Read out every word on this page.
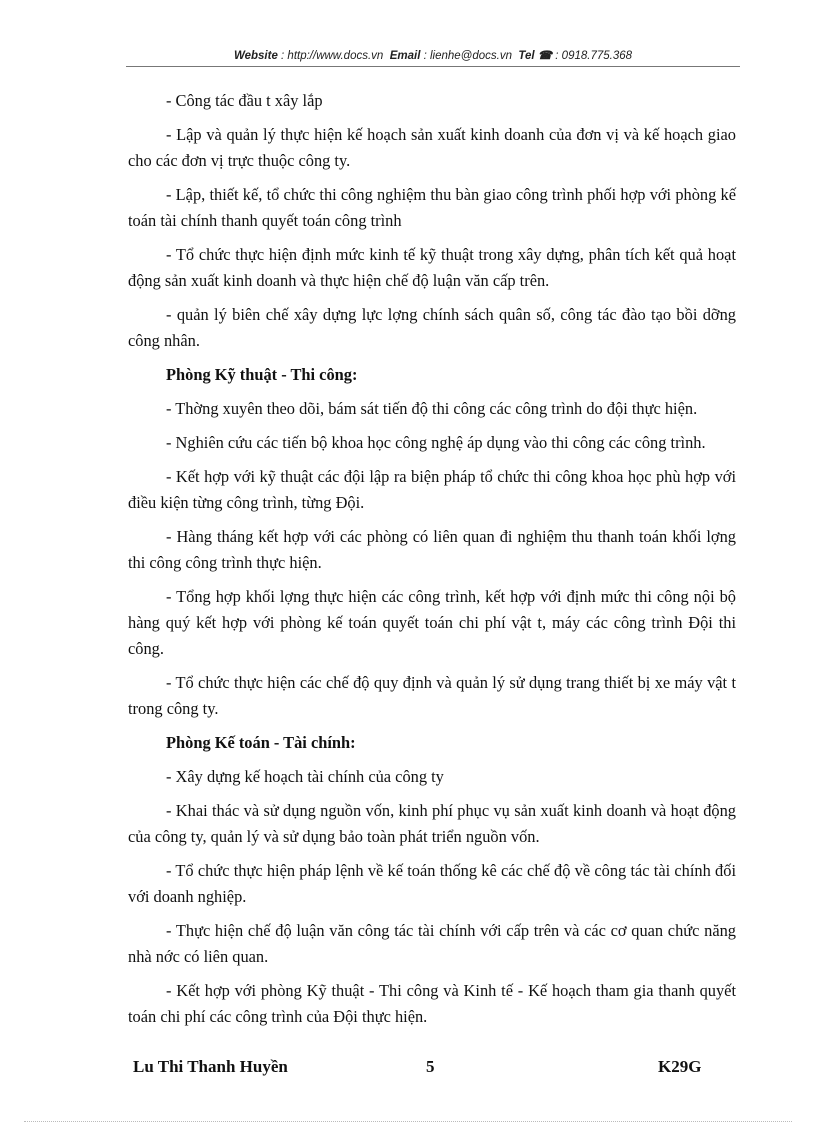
Website : http://www.docs.vn Email : lienhe@docs.vn Tel ☎ : 0918.775.368

- Công tác đầu t xây lắp

- Lập và quản lý thực hiện kế hoạch sản xuất kinh doanh của đơn vị và kế hoạch giao cho các đơn vị trực thuộc công ty.

- Lập, thiết kế, tổ chức thi công nghiệm thu bàn giao công trình phối hợp với phòng kế toán tài chính thanh quyết toán công trình

- Tổ chức thực hiện định mức kinh tế kỹ thuật trong xây dựng, phân tích kết quả hoạt động sản xuất kinh doanh và thực hiện chế độ luận văn cấp trên.

- quản lý biên chế xây dựng lực lợng chính sách quân số, công tác đào tạo bồi dỡng công nhân.

Phòng Kỹ thuật - Thi công:

- Thờng xuyên theo dõi, bám sát tiến độ thi công các công trình do đội thực hiện.

- Nghiên cứu các tiến bộ khoa học công nghệ áp dụng vào thi công các công trình.

- Kết hợp với kỹ thuật các đội lập ra biện pháp tổ chức thi công khoa học phù hợp với điều kiện từng công trình, từng Đội.

- Hàng tháng kết hợp với các phòng có liên quan đi nghiệm thu thanh toán khối lợng thi công công trình thực hiện.

- Tổng hợp khối lợng thực hiện các công trình, kết hợp với định mức thi công nội bộ hàng quý kết hợp với phòng kế toán quyết toán chi phí vật t, máy các công trình Đội thi công.

- Tổ chức thực hiện các chế độ quy định và quản lý sử dụng trang thiết bị xe máy vật t trong công ty.

Phòng Kế toán - Tài chính:

- Xây dựng kế hoạch tài chính của công ty

- Khai thác và sử dụng nguồn vốn, kinh phí phục vụ sản xuất kinh doanh và hoạt động của công ty, quản lý và sử dụng bảo toàn phát triển nguồn vốn.

- Tổ chức thực hiện pháp lệnh về kế toán thống kê các chế độ về công tác tài chính đối với doanh nghiệp.

- Thực hiện chế độ luận văn công tác tài chính với cấp trên và các cơ quan chức năng nhà nớc có liên quan.

- Kết hợp với phòng Kỹ thuật - Thi công và Kinh tế - Kế hoạch tham gia thanh quyết toán chi phí các công trình của Đội thực hiện.

Lu Thi Thanh Huyền	5	K29G
